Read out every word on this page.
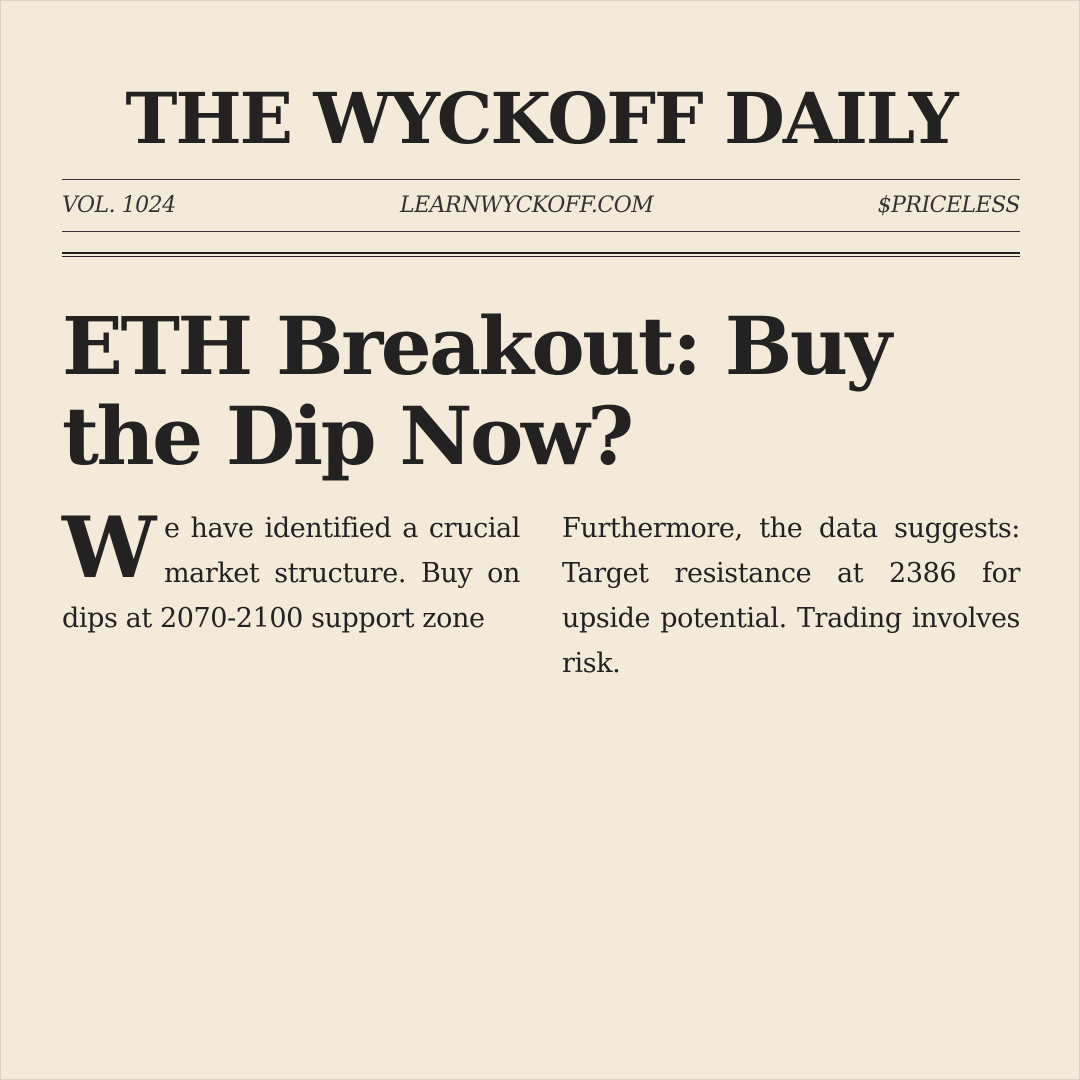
THE WYCKOFF DAILY
VOL. 1024	LEARNWYCKOFF.COM	$PRICELESS
ETH Breakout: Buy the Dip Now?
We have identified a crucial market structure. Buy on dips at 2070-2100 support zone
Furthermore, the data suggests: Target resistance at 2386 for upside potential. Trading involves risk.
